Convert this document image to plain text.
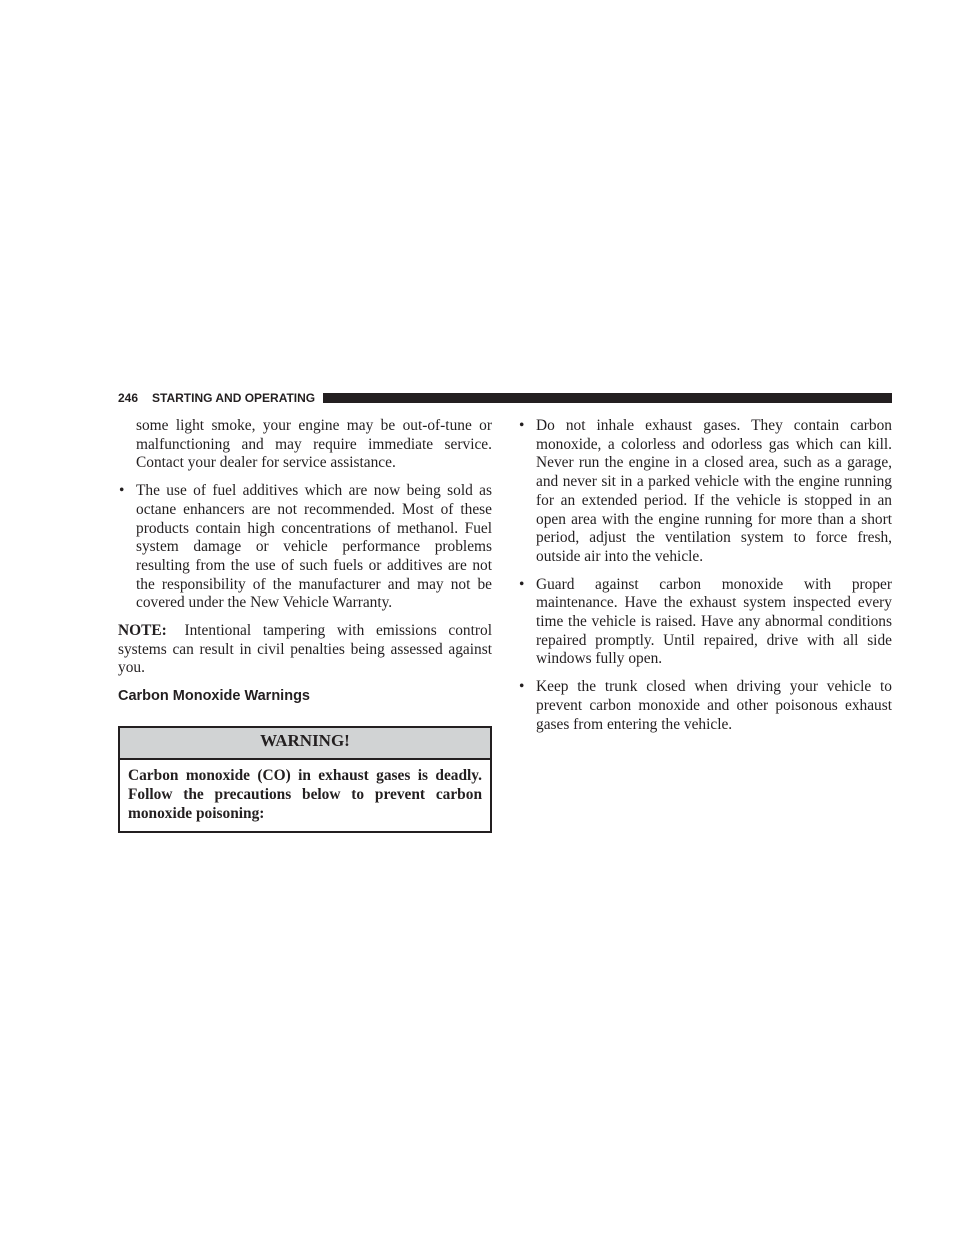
246 STARTING AND OPERATING

some light smoke, your engine may be out-of-tune or malfunctioning and may require immediate service. Contact your dealer for service assistance.

• The use of fuel additives which are now being sold as octane enhancers are not recommended. Most of these products contain high concentrations of methanol. Fuel system damage or vehicle performance problems resulting from the use of such fuels or additives are not the responsibility of the manufacturer and may not be covered under the New Vehicle Warranty.

NOTE: Intentional tampering with emissions control systems can result in civil penalties being assessed against you.

Carbon Monoxide Warnings
WARNING!
Carbon monoxide (CO) in exhaust gases is deadly. Follow the precautions below to prevent carbon monoxide poisoning:
• Do not inhale exhaust gases. They contain carbon monoxide, a colorless and odorless gas which can kill. Never run the engine in a closed area, such as a garage, and never sit in a parked vehicle with the engine running for an extended period. If the vehicle is stopped in an open area with the engine running for more than a short period, adjust the ventilation system to force fresh, outside air into the vehicle.
• Guard against carbon monoxide with proper maintenance. Have the exhaust system inspected every time the vehicle is raised. Have any abnormal conditions repaired promptly. Until repaired, drive with all side windows fully open.
• Keep the trunk closed when driving your vehicle to prevent carbon monoxide and other poisonous exhaust gases from entering the vehicle.
